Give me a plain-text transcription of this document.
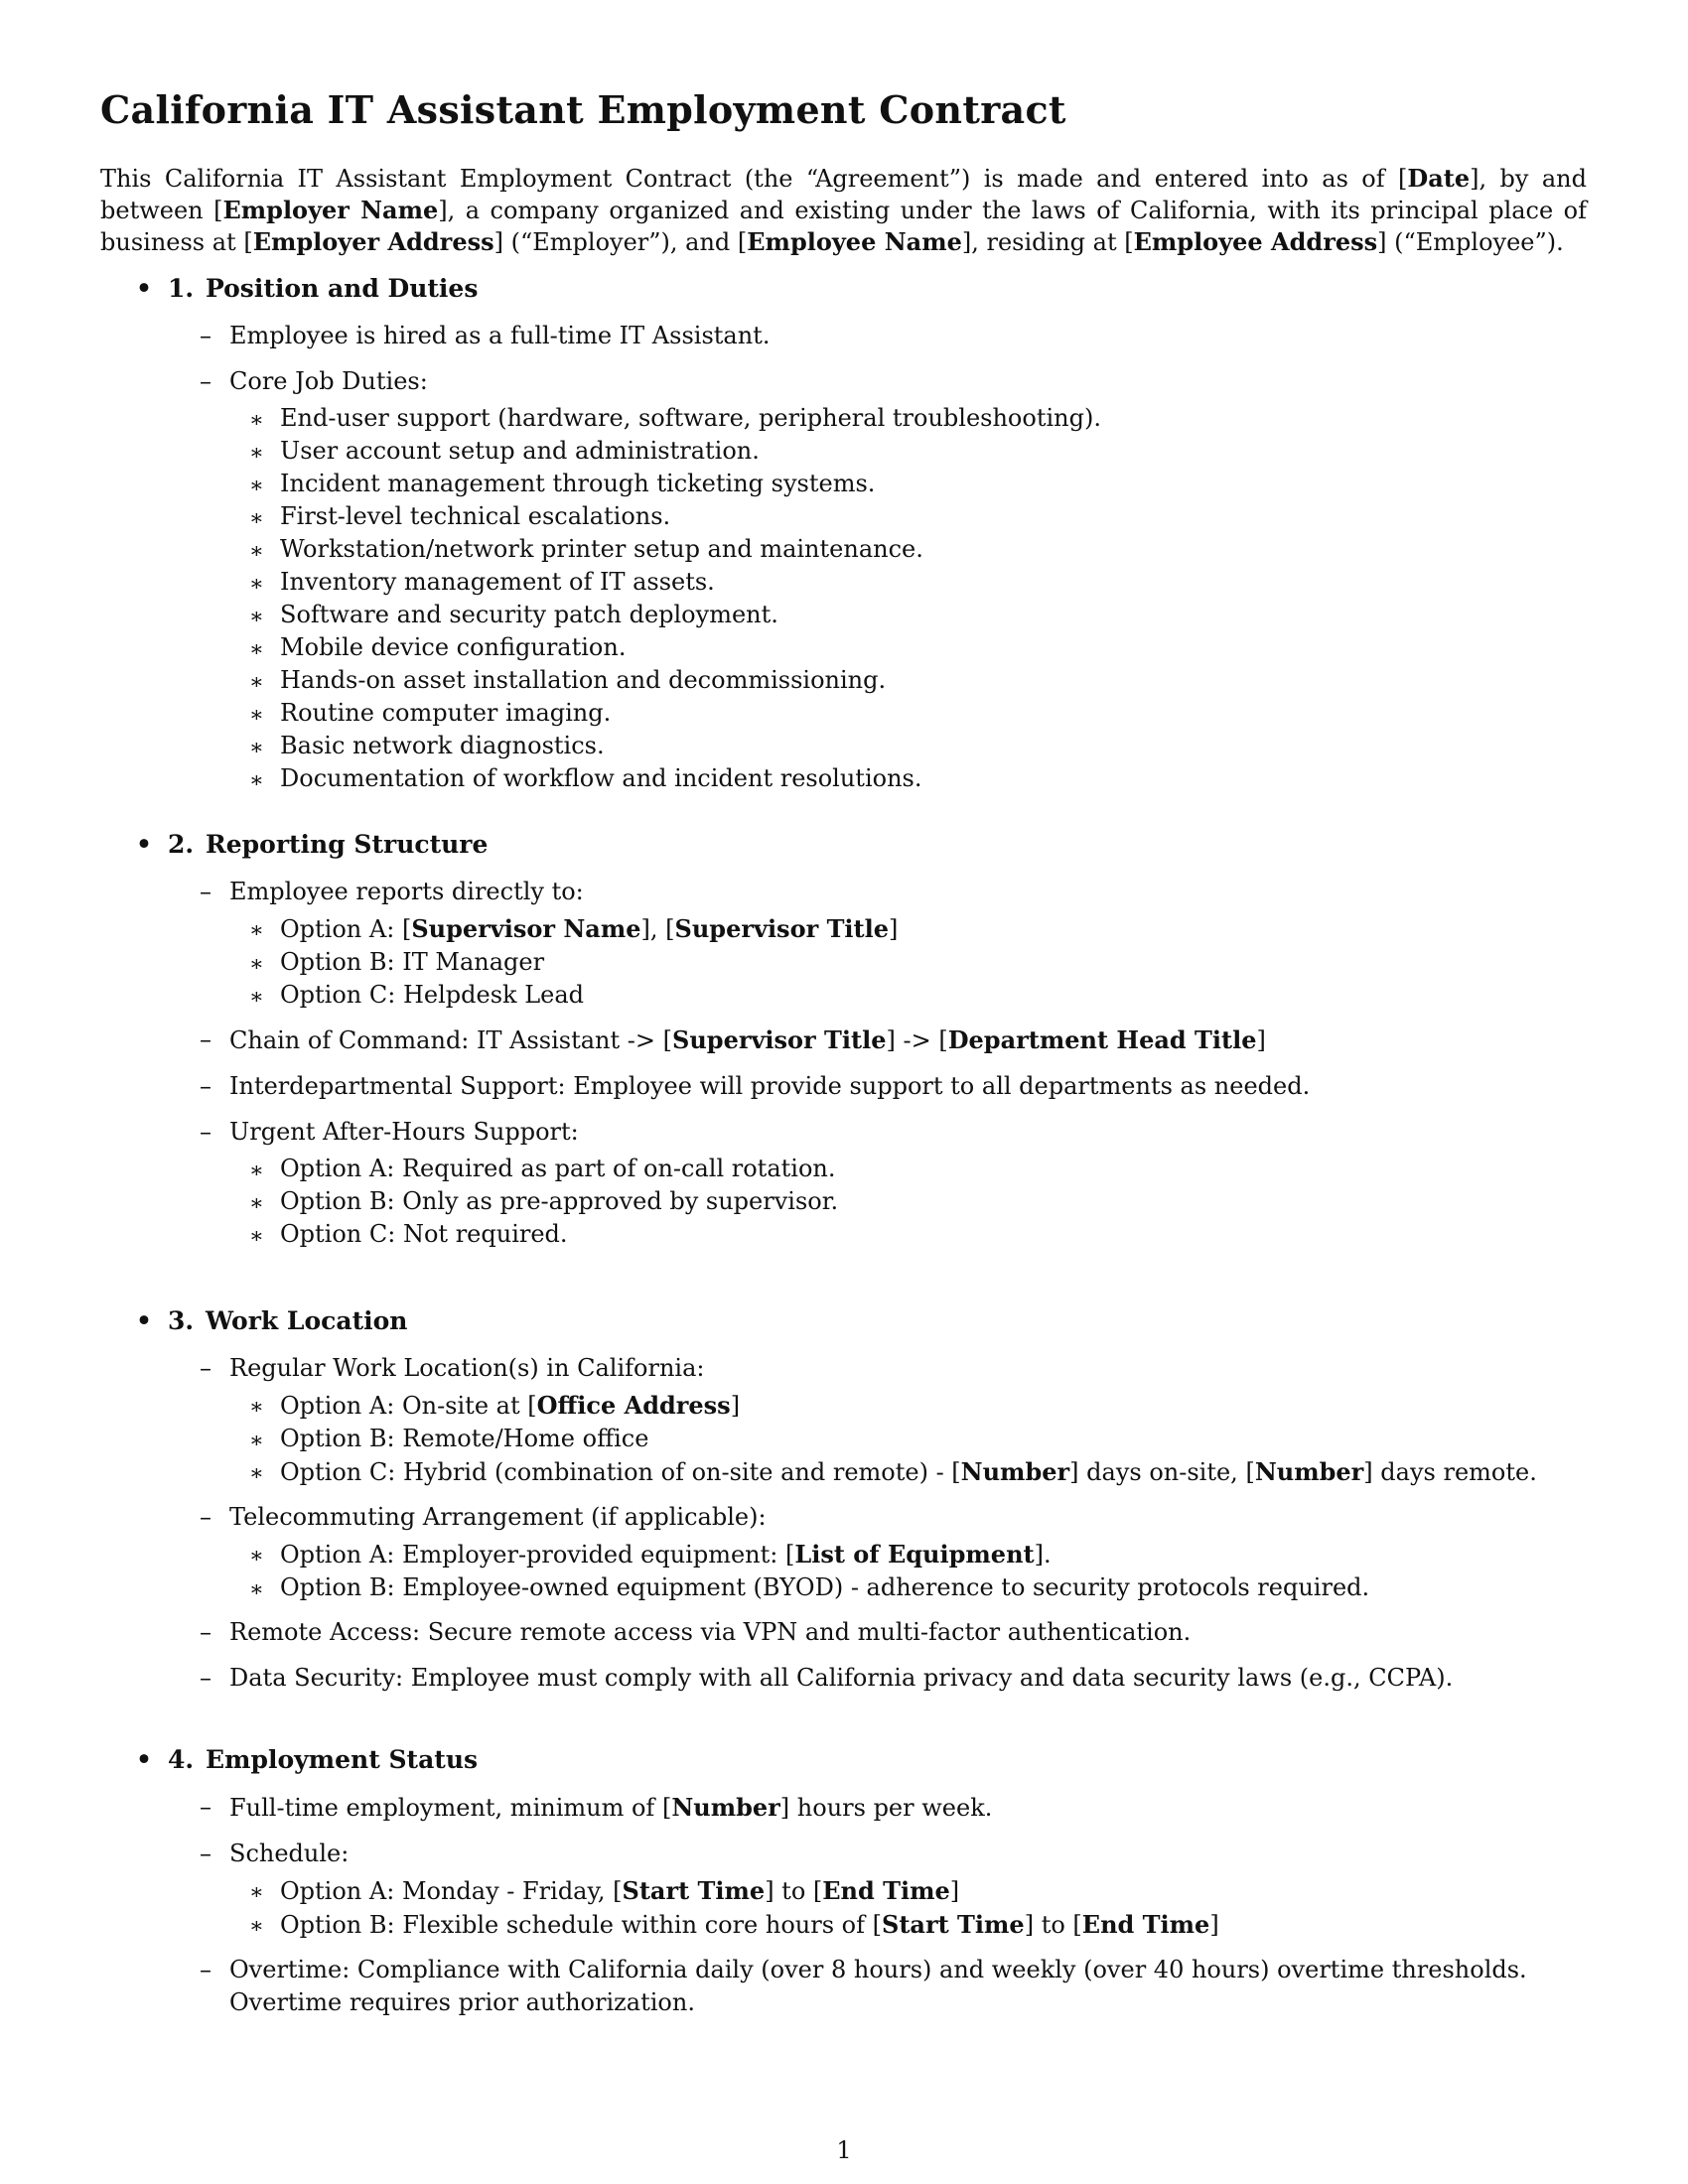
California IT Assistant Employment Contract

This California IT Assistant Employment Contract (the “Agreement”) is made and entered into as of [Date], by and between [Employer Name], a company organized and existing under the laws of California, with its principal place of business at [Employer Address] (“Employer”), and [Employee Name], residing at [Employee Address] (“Employee”).

• 1. Position and Duties
– Employee is hired as a full-time IT Assistant.
– Core Job Duties:
∗ End-user support (hardware, software, peripheral troubleshooting).
∗ User account setup and administration.
∗ Incident management through ticketing systems.
∗ First-level technical escalations.
∗ Workstation/network printer setup and maintenance.
∗ Inventory management of IT assets.
∗ Software and security patch deployment.
∗ Mobile device configuration.
∗ Hands-on asset installation and decommissioning.
∗ Routine computer imaging.
∗ Basic network diagnostics.
∗ Documentation of workflow and incident resolutions.
• 2. Reporting Structure
– Employee reports directly to:
∗ Option A: [Supervisor Name], [Supervisor Title]
∗ Option B: IT Manager
∗ Option C: Helpdesk Lead
– Chain of Command: IT Assistant -> [Supervisor Title] -> [Department Head Title]
– Interdepartmental Support: Employee will provide support to all departments as needed.
– Urgent After-Hours Support:
∗ Option A: Required as part of on-call rotation.
∗ Option B: Only as pre-approved by supervisor.
∗ Option C: Not required.
• 3. Work Location
– Regular Work Location(s) in California:
∗ Option A: On-site at [Office Address]
∗ Option B: Remote/Home office
∗ Option C: Hybrid (combination of on-site and remote) - [Number] days on-site, [Number] days remote.
– Telecommuting Arrangement (if applicable):
∗ Option A: Employer-provided equipment: [List of Equipment].
∗ Option B: Employee-owned equipment (BYOD) - adherence to security protocols required.
– Remote Access: Secure remote access via VPN and multi-factor authentication.
– Data Security: Employee must comply with all California privacy and data security laws (e.g., CCPA).
• 4. Employment Status
– Full-time employment, minimum of [Number] hours per week.
– Schedule:
∗ Option A: Monday - Friday, [Start Time] to [End Time]
∗ Option B: Flexible schedule within core hours of [Start Time] to [End Time]
– Overtime: Compliance with California daily (over 8 hours) and weekly (over 40 hours) overtime thresholds. Overtime requires prior authorization.
1
